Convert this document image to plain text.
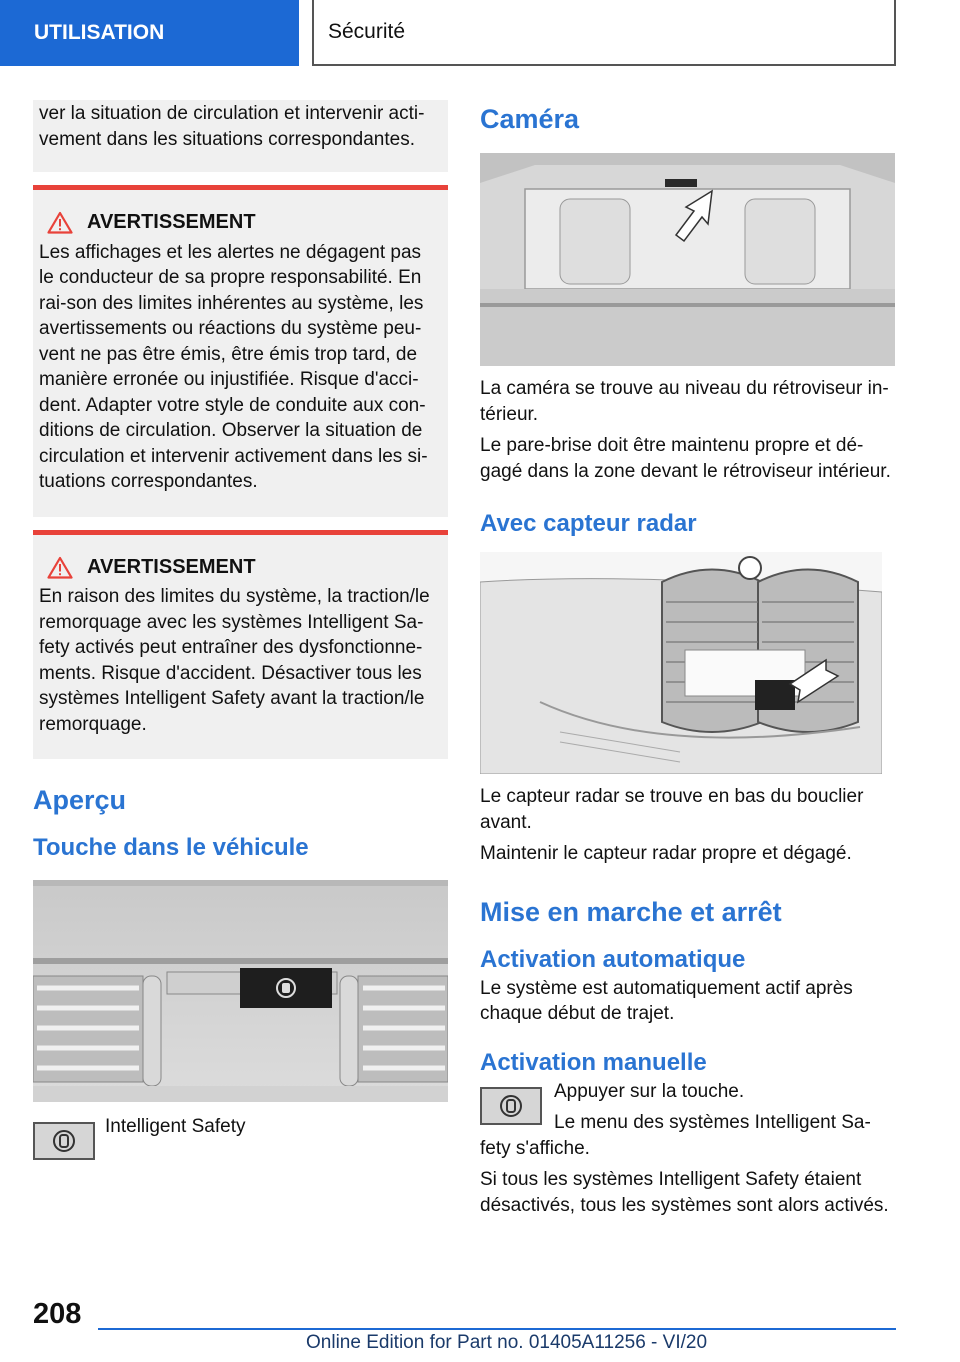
UTILISATION	Sécurité

ver la situation de circulation et intervenir acti-vement dans les situations correspondantes.

AVERTISSEMENT

Les affichages et les alertes ne dégagent pas le conducteur de sa propre responsabilité. En rai-son des limites inhérentes au système, les avertissements ou réactions du système peu-vent ne pas être émis, être émis trop tard, de manière erronée ou injustifiée. Risque d'acci-dent. Adapter votre style de conduite aux con-ditions de circulation. Observer la situation de circulation et intervenir activement dans les si-tuations correspondantes.

AVERTISSEMENT

En raison des limites du système, la traction/le remorquage avec les systèmes Intelligent Sa-fety activés peut entraîner des dysfonctionne-ments. Risque d'accident. Désactiver tous les systèmes Intelligent Safety avant la traction/le remorquage.

Aperçu
Touche dans le véhicule

Intelligent Safety

Caméra

La caméra se trouve au niveau du rétroviseur in-térieur.

Le pare-brise doit être maintenu propre et dé-gagé dans la zone devant le rétroviseur intérieur.

Avec capteur radar

Le capteur radar se trouve en bas du bouclier avant.

Maintenir le capteur radar propre et dégagé.

Mise en marche et arrêt
Activation automatique

Le système est automatiquement actif après chaque début de trajet.

Activation manuelle

Appuyer sur la touche.

Le menu des systèmes Intelligent Sa-

fety s'affiche.

Si tous les systèmes Intelligent Safety étaient désactivés, tous les systèmes sont alors activés.

208
Online Edition for Part no. 01405A11256 - VI/20
